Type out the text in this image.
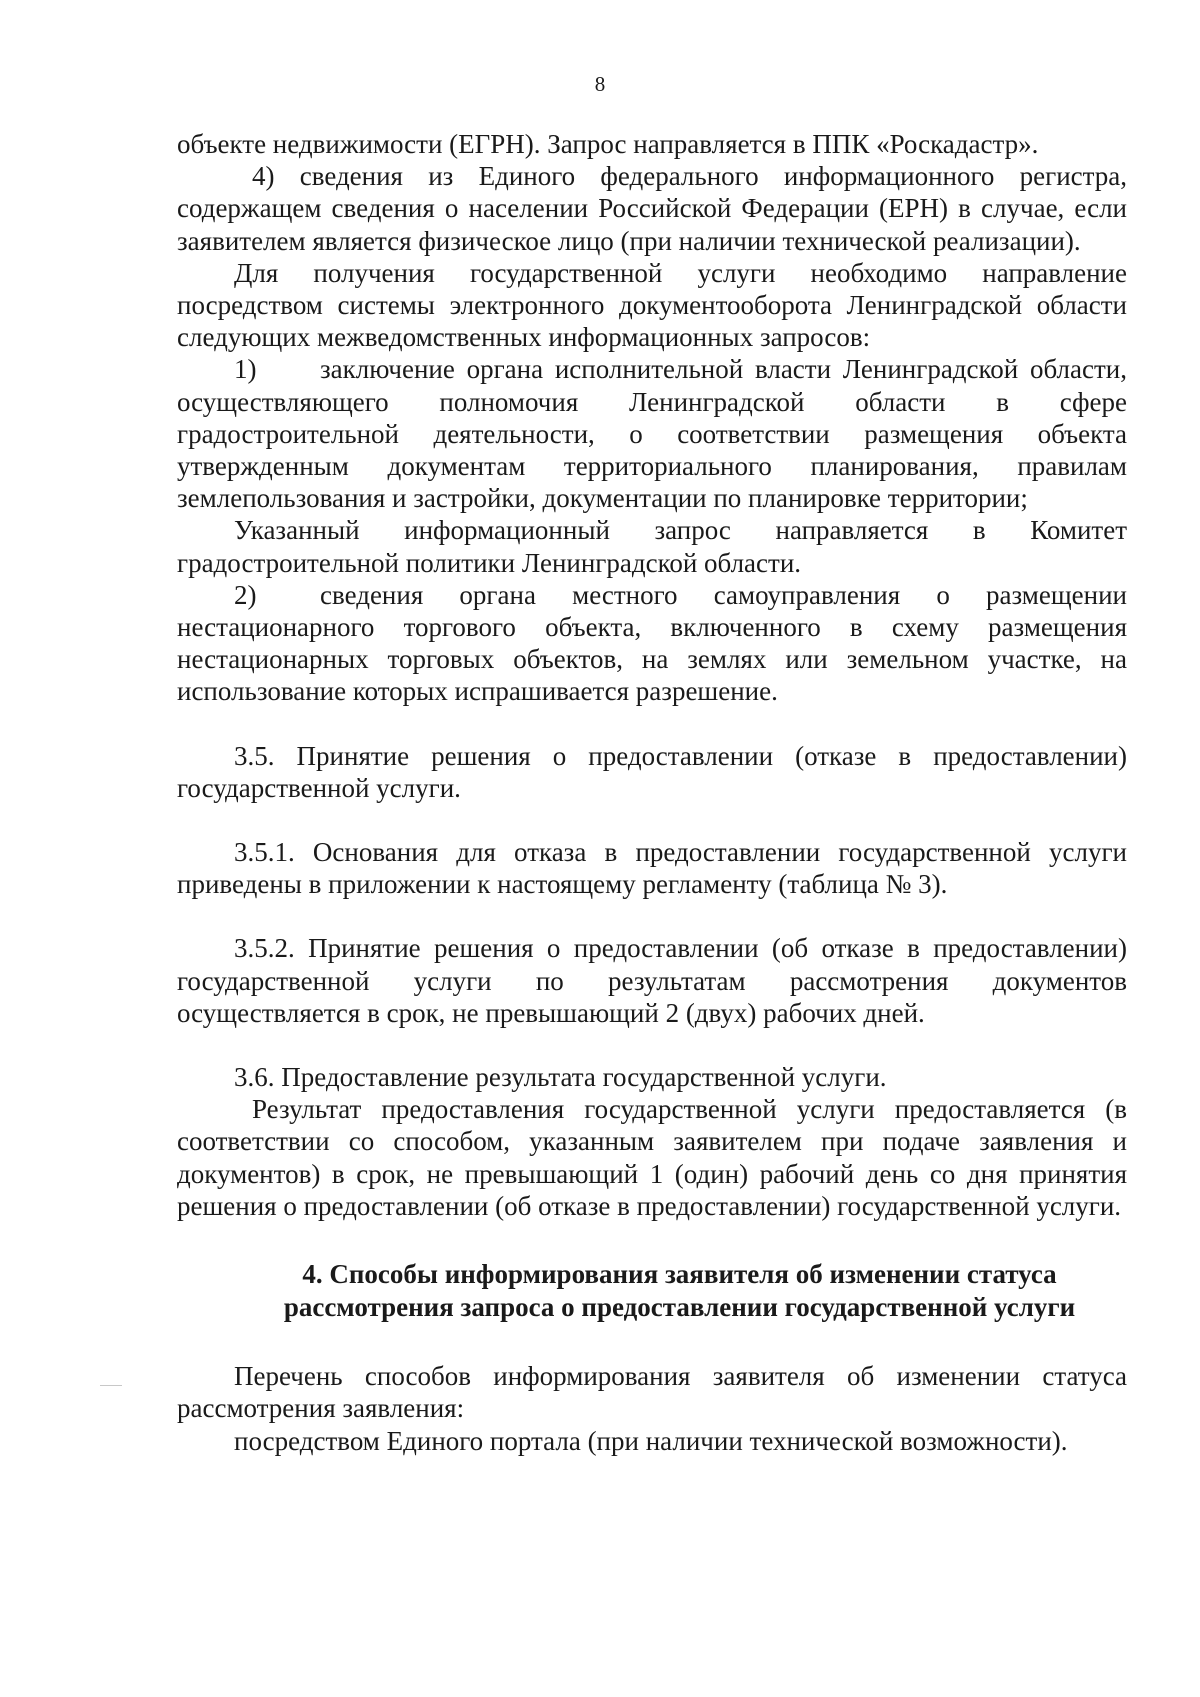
8

объекте недвижимости (ЕГРН). Запрос направляется в ППК «Роскадастр».

4) сведения из Единого федерального информационного регистра, содержащем сведения о населении Российской Федерации (ЕРН) в случае, если заявителем является физическое лицо (при наличии технической реализации).

Для получения государственной услуги необходимо направление посредством системы электронного документооборота Ленинградской области следующих межведомственных информационных запросов:

1) заключение органа исполнительной власти Ленинградской области, осуществляющего полномочия Ленинградской области в сфере градостроительной деятельности, о соответствии размещения объекта утвержденным документам территориального планирования, правилам землепользования и застройки, документации по планировке территории;

Указанный информационный запрос направляется в Комитет градостроительной политики Ленинградской области.

2) сведения органа местного самоуправления о размещении нестационарного торгового объекта, включенного в схему размещения нестационарных торговых объектов, на землях или земельном участке, на использование которых испрашивается разрешение.

3.5. Принятие решения о предоставлении (отказе в предоставлении) государственной услуги.

3.5.1. Основания для отказа в предоставлении государственной услуги приведены в приложении к настоящему регламенту (таблица № 3).

3.5.2. Принятие решения о предоставлении (об отказе в предоставлении) государственной услуги по результатам рассмотрения документов осуществляется в срок, не превышающий 2 (двух) рабочих дней.

3.6. Предоставление результата государственной услуги.

Результат предоставления государственной услуги предоставляется (в соответствии со способом, указанным заявителем при подаче заявления и документов) в срок, не превышающий 1 (один) рабочий день со дня принятия решения о предоставлении (об отказе в предоставлении) государственной услуги.

4. Способы информирования заявителя об изменении статуса
рассмотрения запроса о предоставлении государственной услуги

Перечень способов информирования заявителя об изменении статуса рассмотрения заявления:

посредством Единого портала (при наличии технической возможности).
